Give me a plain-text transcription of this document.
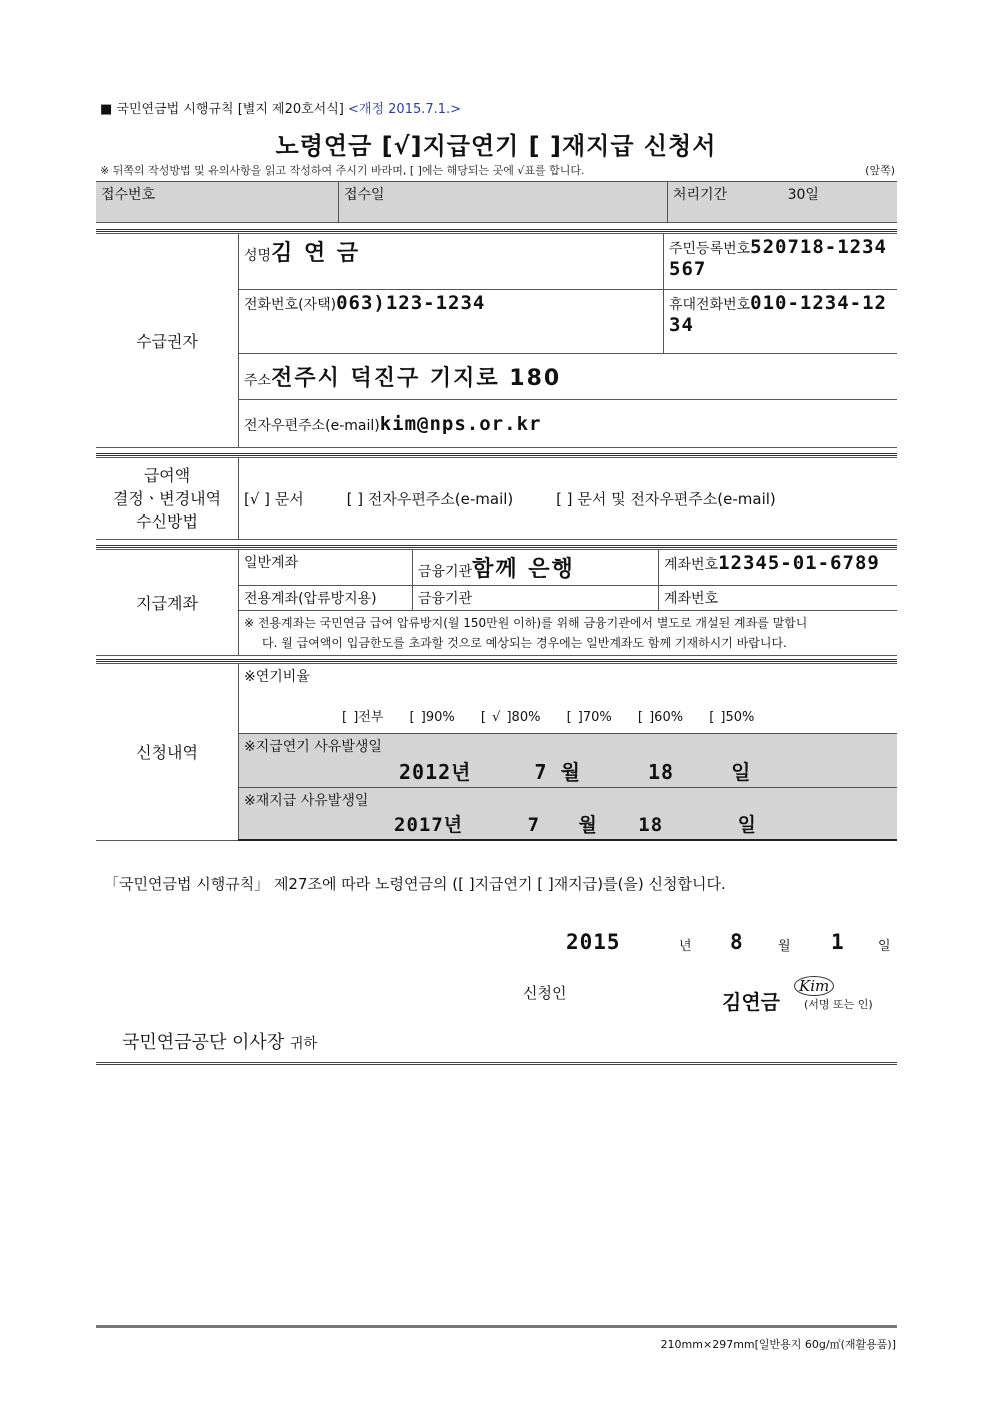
■ 국민연금법 시행규칙 [별지 제20호서식] <개정 2015.7.1.>
노령연금 [√]지급연기 [ ]재지급 신청서
※ 뒤쪽의 작성방법 및 유의사항을 읽고 작성하여 주시기 바라며, [ ]에는 해당되는 곳에 √표를 합니다.	(앞쪽)
접수번호	접수일	처리기간	30일
수급권자	성명김 연 금	주민등록번호520718-1234567
	전화번호(자택)063)123-1234	휴대전화번호010-1234-1234
	주소전주시 덕진구 기지로 180	
	전자우편주소(e-mail)kim@nps.or.kr	
급여액
결정ㆍ변경내역
수신방법
	[√ ] 문서	[ ] 전자우편주소(e-mail)	[ ] 문서 및 전자우편주소(e-mail)
지급계좌	일반계좌	금융기관함께 은행	계좌번호12345-01-6789
	전용계좌(압류방지용)	금융기관	계좌번호

	※ 전용계좌는 국민연금 급여 압류방지(월 150만원 이하)를 위해 금융기관에서 별도로 개설된 계좌를 말합니
다. 월 급여액이 입금한도를 초과할 것으로 예상되는 경우에는 일반계좌도 함께 기재하시기 바랍니다.		
신청내역	
※연기비율
[ ]전부 [ ]90% [ √ ]80% [ ]70% [ ]60% [ ]50%

※지급연기 사유발생일
2012년	7 월	18	일

※재지급 사유발생일
2017년	7 월 18	일
「국민연금법 시행규칙」 제27조에 따라 노령연금의 ([ ]지급연기 [ ]재지급)를(을) 신청합니다.
2015	년 8	월 1	일
신청인	김연금
Kim
(서명 또는 인)
국민연금공단 이사장 귀하
210mm×297mm[일반용지 60g/㎡(재활용품)]
